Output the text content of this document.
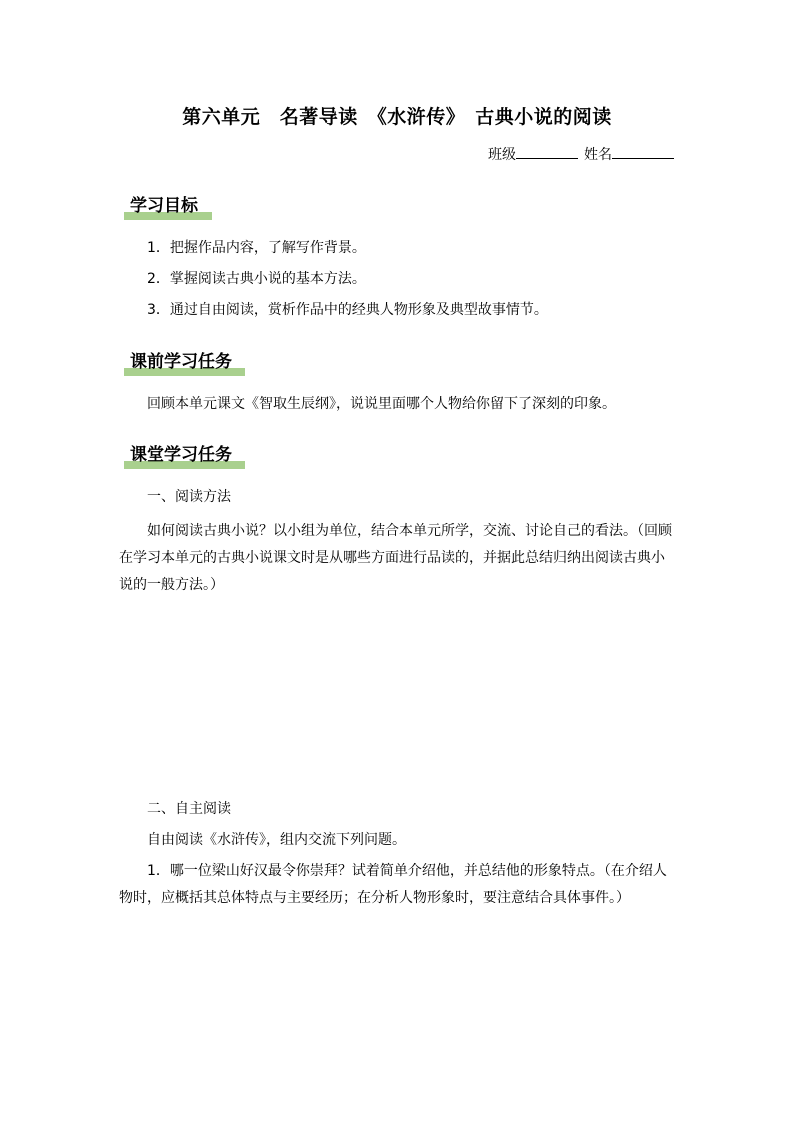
第六单元　名著导读　《水浒传》　古典小说的阅读
班级	姓名
学习目标
1．把握作品内容，了解写作背景。
2．掌握阅读古典小说的基本方法。
3．通过自由阅读，赏析作品中的经典人物形象及典型故事情节。
课前学习任务
回顾本单元课文《智取生辰纲》，说说里面哪个人物给你留下了深刻的印象。
课堂学习任务
一、阅读方法
如何阅读古典小说？以小组为单位，结合本单元所学，交流、讨论自己的看法。（回顾在学习本单元的古典小说课文时是从哪些方面进行品读的，并据此总结归纳出阅读古典小说的一般方法。）
二、自主阅读
自由阅读《水浒传》，组内交流下列问题。
1．哪一位梁山好汉最令你崇拜？试着简单介绍他，并总结他的形象特点。（在介绍人物时，应概括其总体特点与主要经历；在分析人物形象时，要注意结合具体事件。）
